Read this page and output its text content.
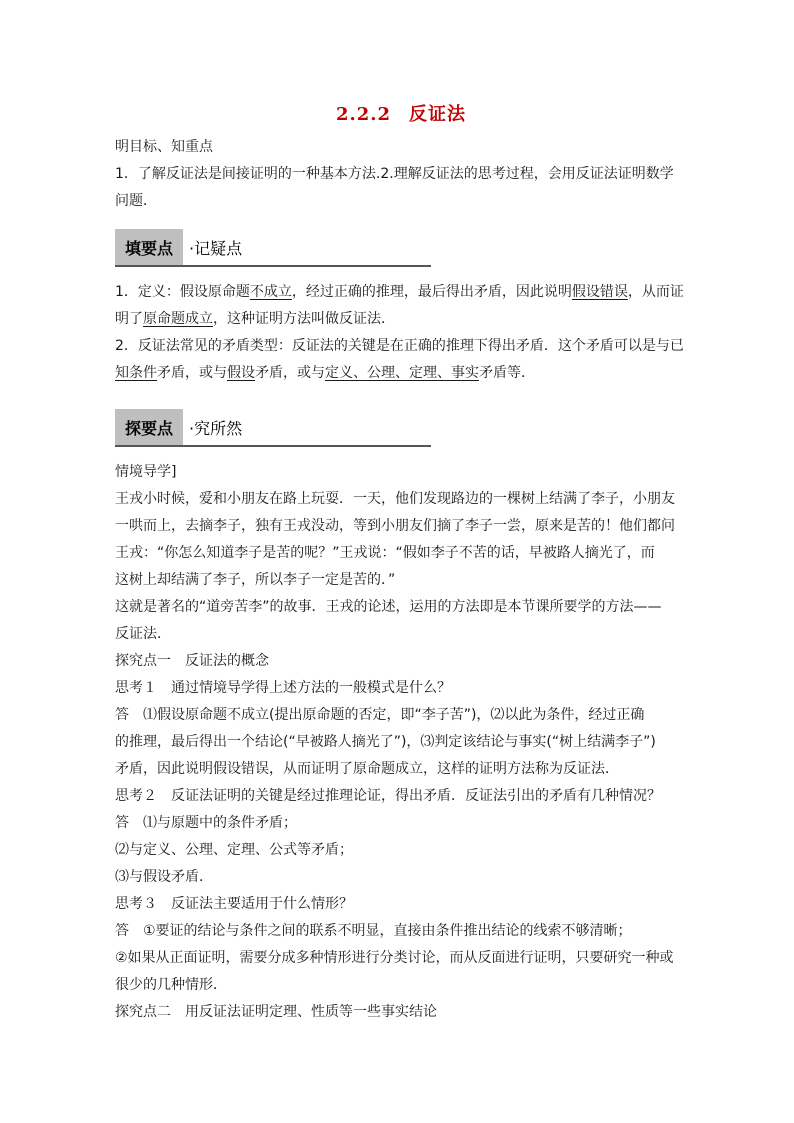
2.2.2 反证法

明目标、知重点

1．了解反证法是间接证明的一种基本方法.2.理解反证法的思考过程，会用反证法证明数学

问题．

填要点	·记疑点

1．定义：假设原命题不成立，经过正确的推理，最后得出矛盾，因此说明假设错误，从而证
明了原命题成立，这种证明方法叫做反证法．

2．反证法常见的矛盾类型：反证法的关键是在正确的推理下得出矛盾．这个矛盾可以是与已
知条件矛盾，或与假设矛盾，或与定义、公理、定理、事实矛盾等．

探要点	·究所然

情境导学]

王戎小时候，爱和小朋友在路上玩耍．一天，他们发现路边的一棵树上结满了李子，小朋友

一哄而上，去摘李子，独有王戎没动，等到小朋友们摘了李子一尝，原来是苦的！他们都问

王戎：“你怎么知道李子是苦的呢？”王戎说：“假如李子不苦的话，早被路人摘光了，而

这树上却结满了李子，所以李子一定是苦的．”

这就是著名的“道旁苦李”的故事．王戎的论述，运用的方法即是本节课所要学的方法——

反证法．

探究点一　反证法的概念

思考１　通过情境导学得上述方法的一般模式是什么？

答　⑴假设原命题不成立(提出原命题的否定，即“李子苦”)，⑵以此为条件，经过正确

的推理，最后得出一个结论(“早被路人摘光了”)，⑶判定该结论与事实(“树上结满李子”)

矛盾，因此说明假设错误，从而证明了原命题成立，这样的证明方法称为反证法．

思考２　反证法证明的关键是经过推理论证，得出矛盾．反证法引出的矛盾有几种情况？

答　⑴与原题中的条件矛盾；

⑵与定义、公理、定理、公式等矛盾；

⑶与假设矛盾．

思考３　反证法主要适用于什么情形？

答　①要证的结论与条件之间的联系不明显，直接由条件推出结论的线索不够清晰；

②如果从正面证明，需要分成多种情形进行分类讨论，而从反面进行证明，只要研究一种或

很少的几种情形．

探究点二　用反证法证明定理、性质等一些事实结论
